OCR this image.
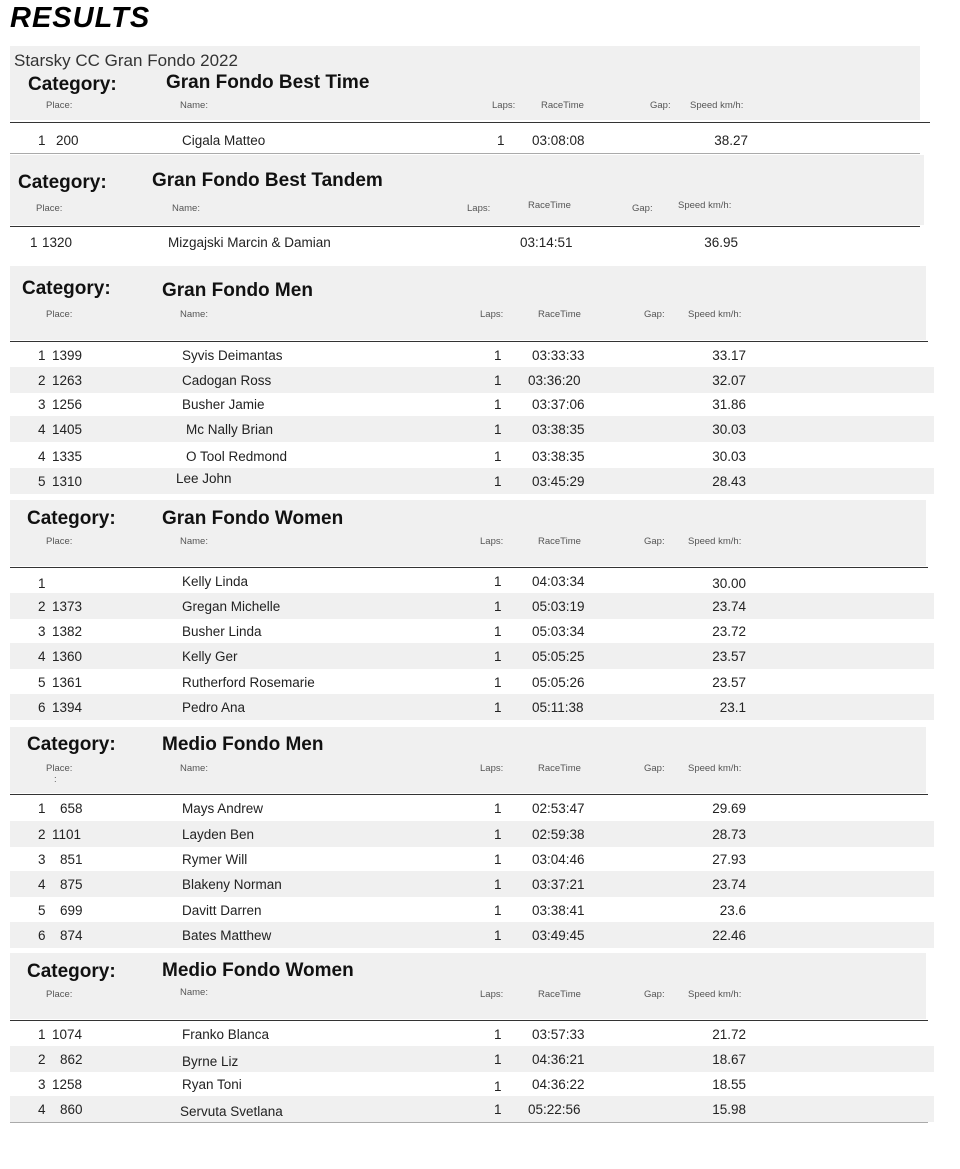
RESULTS
Starsky CC Gran Fondo 2022
Category:	Gran Fondo Best Time
Place:	Name:	Laps:	RaceTime	Gap: Speed km/h:
1 200	Cigala Matteo	1 03:08:08	38.27
Category: Gran Fondo Best Tandem
Place:	Name:	Laps:	RaceTime	Gap:	Speed km/h:
1 1320	Mizgajski Marcin & Damian	03:14:51	36.95
Category:	Gran Fondo Men
Place:	Name:	Laps:	RaceTime	Gap: Speed km/h:
1 1399	Syvis Deimantas	1 03:33:33	33.17
2 1263	Cadogan Ross	1 03:36:20	32.07
3 1256	Busher Jamie	1 03:37:06	31.86
4 1405	Mc Nally Brian	1 03:38:35	30.03
4 1335	O Tool Redmond	1 03:38:35	30.03
5 1310	Lee John	1 03:45:29	28.43
Category: Gran Fondo Women
Place:	Name:	Laps:	RaceTime	Gap: Speed km/h:
1	Kelly Linda	1 04:03:34	30.00
2 1373	Gregan Michelle	1 05:03:19	23.74
3 1382	Busher Linda	1 05:03:34	23.72
4 1360	Kelly Ger	1 05:05:25	23.57
5 1361	Rutherford Rosemarie	1 05:05:26	23.57
6 1394	Pedro Ana	1 05:11:38	23.1
Category: Medio Fondo Men
Place:
:
Name:	Laps:	RaceTime	Gap: Speed km/h:
1 658	Mays Andrew	1 02:53:47	29.69
2 1101	Layden Ben	1 02:59:38	28.73
3 851	Rymer Will	1 03:04:46	27.93
4 875	Blakeny Norman	1 03:37:21	23.74
5 699	Davitt Darren	1 03:38:41	23.6
6 874	Bates Matthew	1 03:49:45	22.46
Category: Medio Fondo Women
Place:	Name:	Laps:	RaceTime	Gap: Speed km/h:
1 1074	Franko Blanca	1 03:57:33	21.72
2 862	Byrne Liz	1 04:36:21	18.67
3 1258	Ryan Toni	1 04:36:22	18.55
4 860	Servuta Svetlana	1 05:22:56	15.98
